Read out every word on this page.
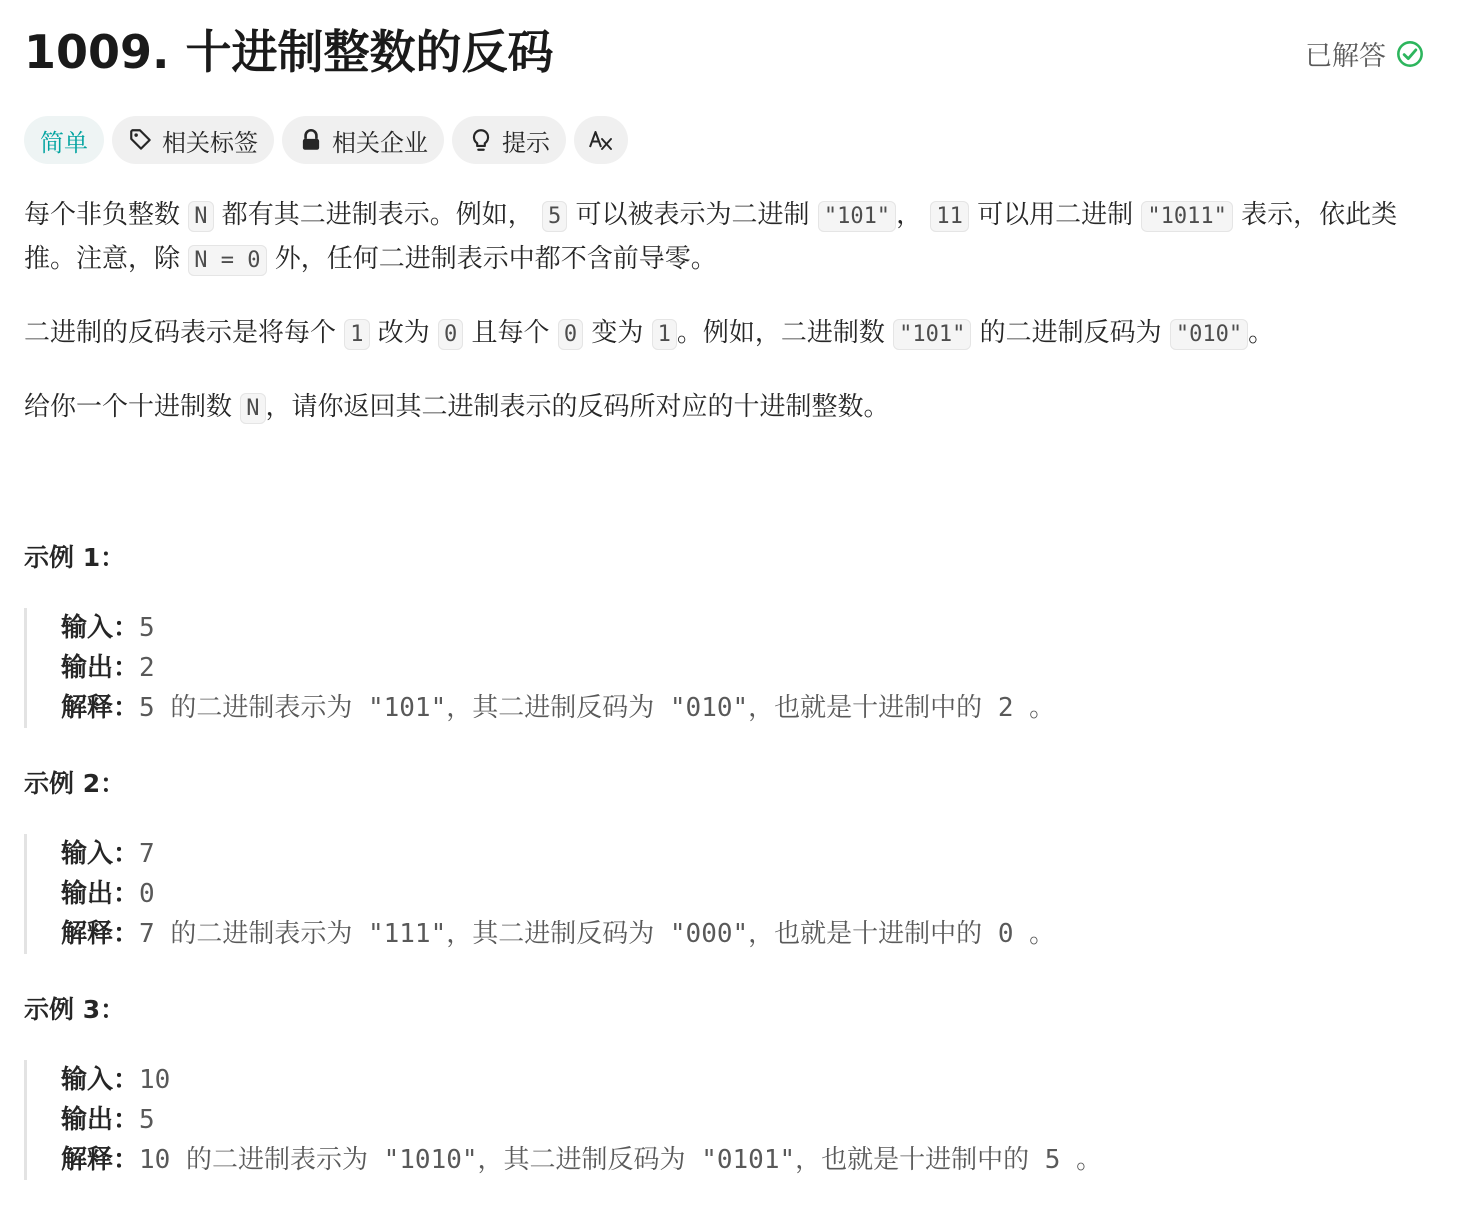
1009. 十进制整数的反码	已解答
简单	相关标签	相关企业	提示

每个非负整数 N 都有其二进制表示。例如， 5 可以被表示为二进制 "101" ， 11 可以用二进制 "1011" 表示，依此类推。注意，除 N = 0 外，任何二进制表示中都不含前导零。

二进制的反码表示是将每个 1 改为 0 且每个 0 变为 1 。例如，二进制数 "101" 的二进制反码为 "010" 。

给你一个十进制数 N ，请你返回其二进制表示的反码所对应的十进制整数。

示例 1：
输入：5
输出：2
解释：5 的二进制表示为 "101"，其二进制反码为 "010"，也就是十进制中的 2 。
示例 2：
输入：7
输出：0
解释：7 的二进制表示为 "111"，其二进制反码为 "000"，也就是十进制中的 0 。
示例 3：
输入：10
输出：5
解释：10 的二进制表示为 "1010"，其二进制反码为 "0101"，也就是十进制中的 5 。
